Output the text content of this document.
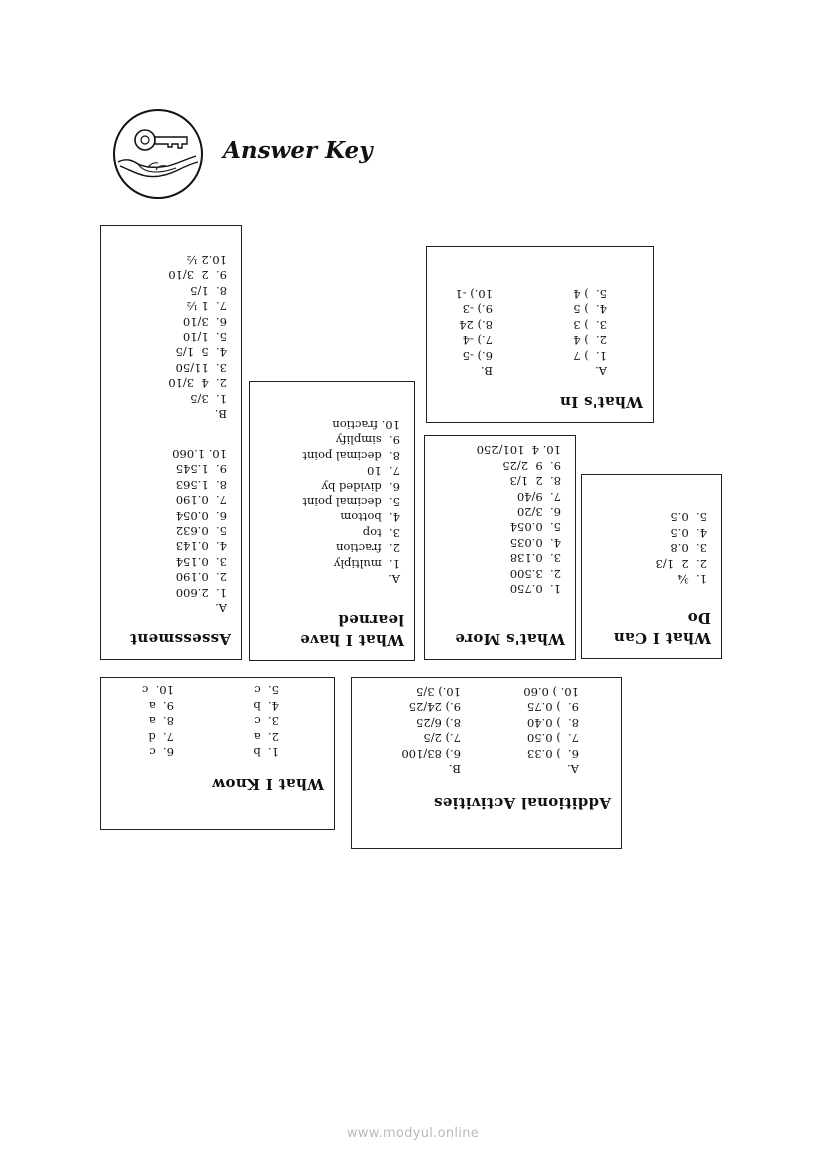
Answer Key
Assessment
A.
1.  2.600
2.  0.190
3.  0.154
4.  0.143
5.  0.632
6.  0.054
7.  0.190
8.  1.563
9.  1.545
10. 1.060
B.
1.  3/5
2.  4  3/10
3.  11/50
4.  5  1/5
5.  1/10
6.  3/10
7.  1 ½
8.  1/5
9.  2  3/10
10.2 ½
What I have
learned
A.
1.  multiply
2.  fraction
3.  top
4.  bottom
5.  decimal point
6.  divided by
7.  10
8.  decimal point
9.  simplify
10. fraction
What's More
1.  0.750
2.  3.500
3.  0.138
4.  0.035
5.  0.054
6.  3/20
7.  9/40
8.  2  1/3
9.  9  2/25
10. 4  101/250
What I Can
Do
1.  ¾
2.  2  1/3
3.  0.8
4.  0.5
5.  0.5
What's In
A.
1.  ) 7
2.  ) 4
3.  ) 3
4.  ) 5
5.  ) 4
B.
6.) -5
7.) -4
8.) 24
9.) -3
10.) -1
What I Know
1.  b
2.  a
3.  c
4.  b
5.  c
6.  c
7.  d
8.  a
9.  a
10.  c
Additional Activities
A.
6.  ) 0.33
7.  ) 0.50
8.  ) 0.40
9.  ) 0.75
10. ) 0.60
B.
6.) 83/100
7.) 2/5
8.) 6/25
9.) 24/25
10.) 3/5
www.modyul.online
